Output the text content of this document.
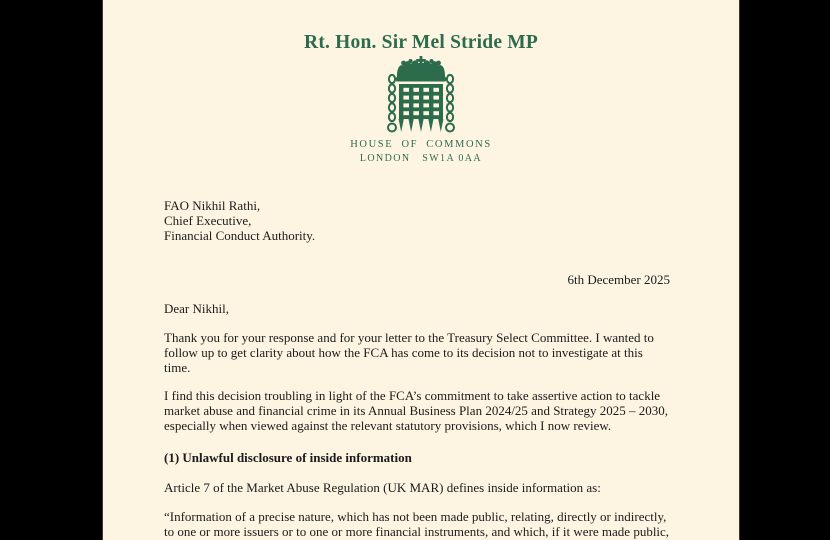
Rt. Hon. Sir Mel Stride MP
HOUSE OF COMMONS
LONDON   SW1A 0AA
FAO Nikhil Rathi,
Chief Executive,
Financial Conduct Authority.
6th December 2025
Dear Nikhil,
Thank you for your response and for your letter to the Treasury Select Committee. I wanted to
follow up to get clarity about how the FCA has come to its decision not to investigate at this
time.
I find this decision troubling in light of the FCA’s commitment to take assertive action to tackle
market abuse and financial crime in its Annual Business Plan 2024/25 and Strategy 2025 – 2030,
especially when viewed against the relevant statutory provisions, which I now review.
(1) Unlawful disclosure of inside information
Article 7 of the Market Abuse Regulation (UK MAR) defines inside information as:
“Information of a precise nature, which has not been made public, relating, directly or indirectly,
to one or more issuers or to one or more financial instruments, and which, if it were made public,
